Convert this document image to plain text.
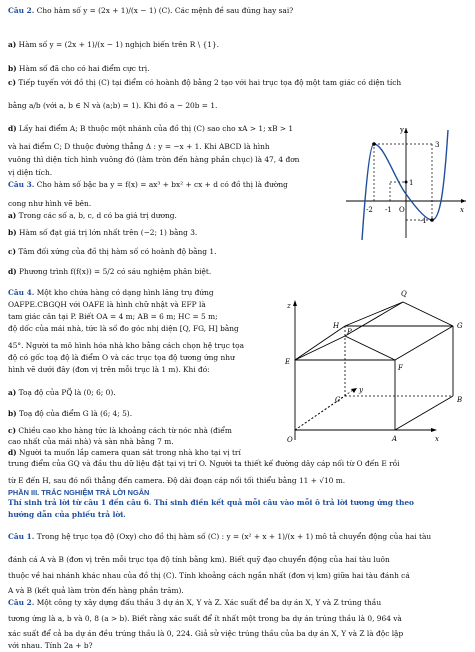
Câu 2. Cho hàm số y = (2x + 1)/(x − 1) (C). Các mệnh đề sau đúng hay sai?
a) Hàm số y = (2x + 1)/(x − 1) nghịch biến trên R \ {1}.
b) Hàm số đã cho có hai điểm cực trị.
c) Tiếp tuyến với đồ thị (C) tại điểm có hoành độ bằng 2 tạo với hai trục tọa độ một tam giác có diện tích
bằng a/b (với a, b ∈ N và (a;b) = 1). Khi đó a − 20b = 1.
d) Lấy hai điểm A; B thuộc một nhánh của đồ thị (C) sao cho xA > 1; xB > 1
và hai điểm C; D thuộc đường thẳng Δ : y = −x + 1. Khi ABCD là hình
vuông thì diện tích hình vuông đó (làm tròn đến hàng phần chục) là 47, 4 đơn
vị diện tích.
Câu 3. Cho hàm số bậc ba y = f(x) = ax³ + bx² + cx + d có đồ thị là đường
cong như hình vẽ bên.
a) Trong các số a, b, c, d có ba giá trị dương.
b) Hàm số đạt giá trị lớn nhất trên (−2; 1) bằng 3.
c) Tâm đối xứng của đồ thị hàm số có hoành độ bằng 1.
d) Phương trình f(f(x)) = 5/2 có sáu nghiệm phân biệt.
Câu 4. Một kho chứa hàng có dạng hình lăng trụ đứng
OAFPE.CBGQH với OAFE là hình chữ nhật và EFP là
tam giác cân tại P. Biết OA = 4 m; AB = 6 m; HC = 5 m;
độ dốc của mái nhà, tức là số đo góc nhị diện [Q, FG, H] bằng
45°. Người ta mô hình hóa nhà kho bằng cách chọn hệ trục tọa
độ có gốc toạ độ là điểm O và các trục tọa độ tương ứng như
hình vẽ dưới đây (đơn vị trên mỗi trục là 1 m). Khi đó:
a) Toạ độ của PQ⃗ là (0; 6; 0).
b) Toạ độ của điểm G là (6; 4; 5).
c) Chiều cao kho hàng tức là khoảng cách từ nóc nhà (điểm
cao nhất của mái nhà) và sàn nhà bằng 7 m.
d) Người ta muốn lắp camera quan sát trong nhà kho tại vị trí
trung điểm của GQ và đầu thu dữ liệu đặt tại vị trí O. Người ta thiết kế đường dây cáp nối từ O đến E rồi
từ E đến H, sau đó nối thẳng đến camera. Độ dài đoạn cáp nối tối thiểu bằng 11 + √10 m.
PHẦN III. TRẮC NGHIỆM TRẢ LỜI NGẮN
Thí sinh trả lời từ câu 1 đến câu 6. Thí sinh điền kết quả mỗi câu vào mỗi ô trả lời tương ứng theo
hướng dẫn của phiếu trả lời.
Câu 1. Trong hệ trục tọa độ (Oxy) cho đồ thị hàm số (C) : y = (x² + x + 1)/(x + 1) mô tả chuyển động của hai tàu
đánh cá A và B (đơn vị trên mỗi trục tọa độ tính bằng km). Biết quỹ đạo chuyển động của hai tàu luôn
thuộc về hai nhánh khác nhau của đồ thị (C). Tính khoảng cách ngắn nhất (đơn vị km) giữa hai tàu đánh cá
A và B (kết quả làm tròn đến hàng phần trăm).
Câu 2. Một công ty xây dựng đấu thầu 3 dự án X, Y và Z. Xác suất để ba dự án X, Y và Z trúng thầu
tương ứng là a, b và 0, 8 (a > b). Biết rằng xác suất để ít nhất một trong ba dự án trúng thầu là 0, 964 và
xác suất để cả ba dự án đều trúng thầu là 0, 224. Giả sử việc trúng thầu của ba dự án X, Y và Z là độc lập
với nhau. Tính 2a + b?
y
x
3
1
-2 -1 O
-1
Q
H
P
G
z
E
F
C
y
B
O	A	x
